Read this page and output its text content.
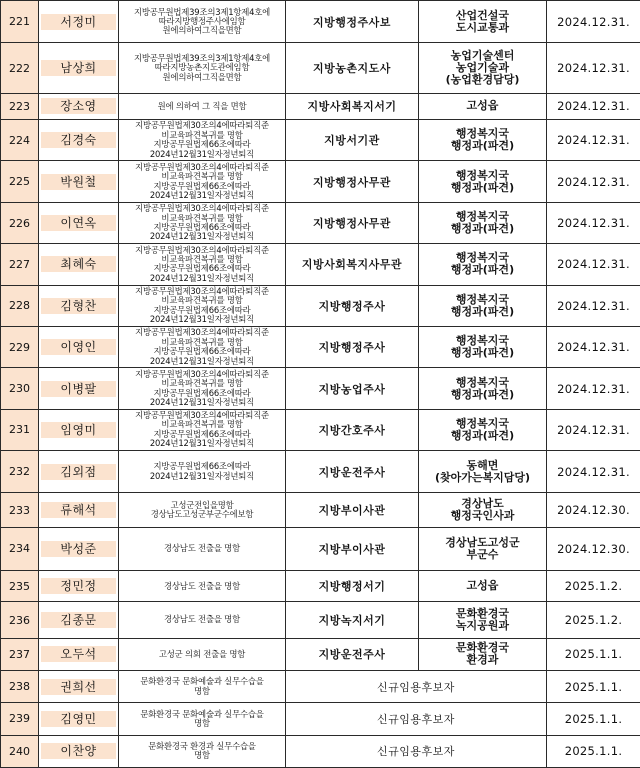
221	서정미	지방공무원법제39조의3제1항제4호에
따라지방행정주사에임함
원에의하여그직을면함	지방행정주사보	산업건설국
도시교통과	2024.12.31.
222	남상희	지방공무원법제39조의3제1항제4호에
따라지방농촌지도관에임함
원에의하여그직을면함	지방농촌지도사	농업기술센터
농업기술과
(농업환경담당)	2024.12.31.
223	장소영	원에 의하여 그 직을 면함	지방사회복지서기	고성읍	2024.12.31.
224	김경숙	지방공무원법제30조의4에따라퇴직준
비교육파견복귀를 명함
지방공무원법제66조에따라
2024년12월31일자정년퇴직	지방서기관	행정복지국
행정과(파견)	2024.12.31.
225	박원철	지방공무원법제30조의4에따라퇴직준
비교육파견복귀를 명함
지방공무원법제66조에따라
2024년12월31일자정년퇴직	지방행정사무관	행정복지국
행정과(파견)	2024.12.31.
226	이연옥	지방공무원법제30조의4에따라퇴직준
비교육파견복귀를 명함
지방공무원법제66조에따라
2024년12월31일자정년퇴직	지방행정사무관	행정복지국
행정과(파견)	2024.12.31.
227	최혜숙	지방공무원법제30조의4에따라퇴직준
비교육파견복귀를 명함
지방공무원법제66조에따라
2024년12월31일자정년퇴직	지방사회복지사무관	행정복지국
행정과(파견)	2024.12.31.
228	김형찬	지방공무원법제30조의4에따라퇴직준
비교육파견복귀를 명함
지방공무원법제66조에따라
2024년12월31일자정년퇴직	지방행정주사	행정복지국
행정과(파견)	2024.12.31.
229	이영인	지방공무원법제30조의4에따라퇴직준
비교육파견복귀를 명함
지방공무원법제66조에따라
2024년12월31일자정년퇴직	지방행정주사	행정복지국
행정과(파견)	2024.12.31.
230	이병팔	지방공무원법제30조의4에따라퇴직준
비교육파견복귀를 명함
지방공무원법제66조에따라
2024년12월31일자정년퇴직	지방농업주사	행정복지국
행정과(파견)	2024.12.31.
231	임영미	지방공무원법제30조의4에따라퇴직준
비교육파견복귀를 명함
지방공무원법제66조에따라
2024년12월31일자정년퇴직	지방간호주사	행정복지국
행정과(파견)	2024.12.31.
232	김외점	지방공무원법제66조에따라
2024년12월31일자정년퇴직	지방운전주사	동해면
(찾아가는복지담당)	2024.12.31.
233	류해석	고성군전입을명함
경상남도고성군부군수에보함	지방부이사관	경상남도
행정국인사과	2024.12.30.
234	박성준	경상남도 전출을 명함	지방부이사관	경상남도고성군
부군수	2024.12.30.
235	정민정	경상남도 전출을 명함	지방행정서기	고성읍	2025.1.2.
236	김종문	경상남도 전출을 명함	지방녹지서기	문화환경국
녹지공원과	2025.1.2.
237	오두석	고성군 의회 전출을 명함	지방운전주사	문화환경국
환경과	2025.1.1.
238	권희선	문화환경국 문화예술과 실무수습을
명함	신규임용후보자		2025.1.1.
239	김영민	문화환경국 문화예술과 실무수습을
명함	신규임용후보자		2025.1.1.
240	이찬양	문화환경국 환경과 실무수습을
명함	신규임용후보자		2025.1.1.
